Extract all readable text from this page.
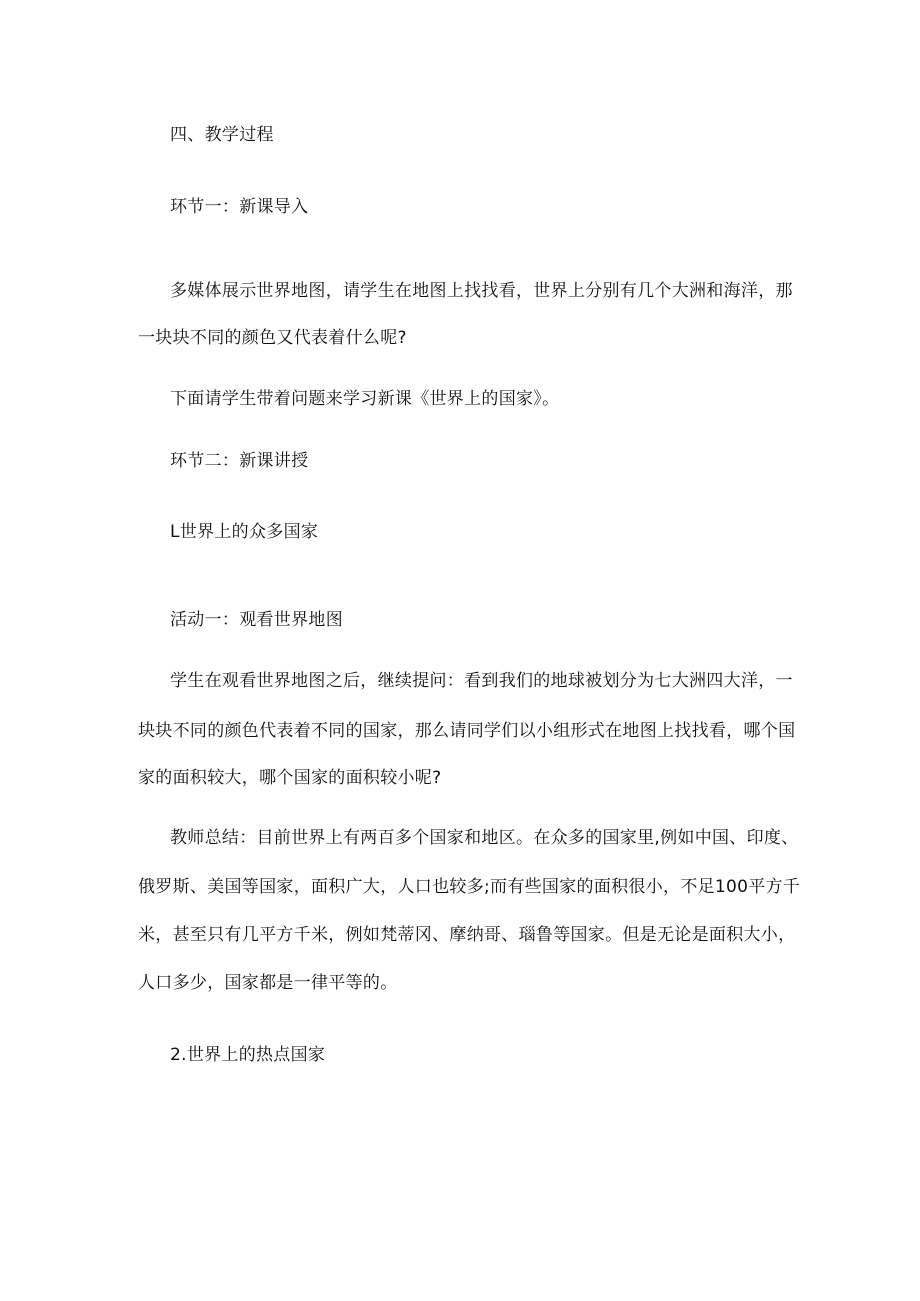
四、教学过程
环节一：新课导入
多媒体展示世界地图，请学生在地图上找找看，世界上分别有几个大洲和海洋，那
一块块不同的颜色又代表着什么呢?
下面请学生带着问题来学习新课《世界上的国家》。
环节二：新课讲授
L世界上的众多国家
活动一：观看世界地图
学生在观看世界地图之后，继续提问：看到我们的地球被划分为七大洲四大洋，一
块块不同的颜色代表着不同的国家，那么请同学们以小组形式在地图上找找看，哪个国
家的面积较大，哪个国家的面积较小呢?
教师总结：目前世界上有两百多个国家和地区。在众多的国家里,例如中国、印度、
俄罗斯、美国等国家，面积广大，人口也较多;而有些国家的面积很小，不足100平方千
米，甚至只有几平方千米，例如梵蒂冈、摩纳哥、瑙鲁等国家。但是无论是面积大小，
人口多少，国家都是一律平等的。
2.世界上的热点国家
